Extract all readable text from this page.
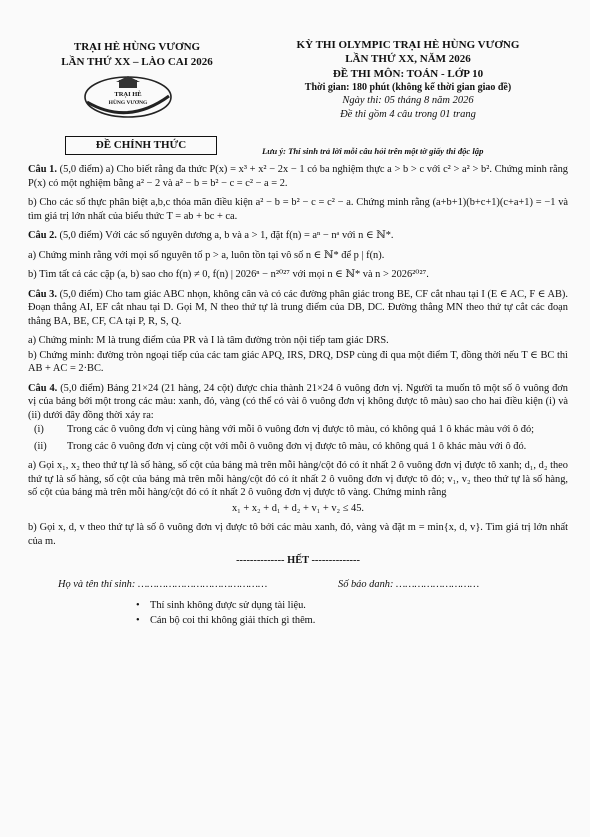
TRẠI HÈ HÙNG VƯƠNG
LẦN THỨ XX – LÀO CAI 2026
TRẠI HÈ
HÙNG VƯƠNG
ĐỀ CHÍNH THỨC
KỲ THI OLYMPIC TRẠI HÈ HÙNG VƯƠNG
LẦN THỨ XX, NĂM 2026
ĐỀ THI MÔN: TOÁN - LỚP 10
Thời gian: 180 phút (không kể thời gian giao đề)
Ngày thi: 05 tháng 8 năm 2026
Đề thi gồm 4 câu trong 01 trang
Lưu ý: Thí sinh trả lời mỗi câu hỏi trên một tờ giấy thi độc lập

Câu 1. (5,0 điểm) a) Cho biết rằng đa thức P(x) = x³ + x² − 2x − 1 có ba nghiệm thực a > b > c với c² > a² > b². Chứng minh rằng P(x) có một nghiệm bằng a² − 2 và a² − b = b² − c = c² − a = 2.

b) Cho các số thực phân biệt a,b,c thỏa mãn điều kiện a² − b = b² − c = c² − a. Chứng minh rằng (a+b+1)(b+c+1)(c+a+1) = −1 và tìm giá trị lớn nhất của biểu thức T = ab + bc + ca.

Câu 2. (5,0 điểm) Với các số nguyên dương a, b và a > 1, đặt f(n) = aⁿ − nᵃ với n ∈ ℕ*.

a) Chứng minh rằng với mọi số nguyên tố p > a, luôn tồn tại vô số n ∈ ℕ* để p | f(n).

b) Tìm tất cả các cặp (a, b) sao cho f(n) ≠ 0, f(n) | 2026ⁿ − n²⁰²⁷ với mọi n ∈ ℕ* và n > 2026²⁰²⁷.

Câu 3. (5,0 điểm) Cho tam giác ABC nhọn, không cân và có các đường phân giác trong BE, CF cắt nhau tại I (E ∈ AC, F ∈ AB). Đoạn thẳng AI, EF cắt nhau tại D. Gọi M, N theo thứ tự là trung điểm của DB, DC. Đường thẳng MN theo thứ tự cắt các đoạn thẳng BA, BE, CF, CA tại P, R, S, Q.

a) Chứng minh: M là trung điểm của PR và I là tâm đường tròn nội tiếp tam giác DRS.

b) Chứng minh: đường tròn ngoại tiếp của các tam giác APQ, IRS, DRQ, DSP cùng đi qua một điểm T, đồng thời nếu T ∈ BC thì AB + AC = 2·BC.

Câu 4. (5,0 điểm) Bảng 21×24 (21 hàng, 24 cột) được chia thành 21×24 ô vuông đơn vị. Người ta muốn tô một số ô vuông đơn vị của bảng bởi một trong các màu: xanh, đỏ, vàng (có thể có vài ô vuông đơn vị không được tô màu) sao cho hai điều kiện (i) và (ii) dưới đây đồng thời xảy ra:

(i)	Trong các ô vuông đơn vị cùng hàng với mỗi ô vuông đơn vị được tô màu, có không quá 1 ô khác màu với ô đó;
(ii)	Trong các ô vuông đơn vị cùng cột với mỗi ô vuông đơn vị được tô màu, có không quá 1 ô khác màu với ô đó.

a) Gọi x₁, x₂ theo thứ tự là số hàng, số cột của bảng mà trên mỗi hàng/cột đó có ít nhất 2 ô vuông đơn vị được tô xanh; d₁, d₂ theo thứ tự là số hàng, số cột của bảng mà trên mỗi hàng/cột đó có ít nhất 2 ô vuông đơn vị được tô đỏ; v₁, v₂ theo thứ tự là số hàng, số cột của bảng mà trên mỗi hàng/cột đó có ít nhất 2 ô vuông đơn vị được tô vàng. Chứng minh rằng

x₁ + x₂ + d₁ + d₂ + v₁ + v₂ ≤ 45.

b) Gọi x, d, v theo thứ tự là số ô vuông đơn vị được tô bởi các màu xanh, đỏ, vàng và đặt m = min{x, d, v}. Tìm giá trị lớn nhất của m.

-------------- HẾT --------------
Họ và tên thí sinh: ……………………………………	Số báo danh: ………………………
• Thí sinh không được sử dụng tài liệu.
• Cán bộ coi thi không giải thích gì thêm.
